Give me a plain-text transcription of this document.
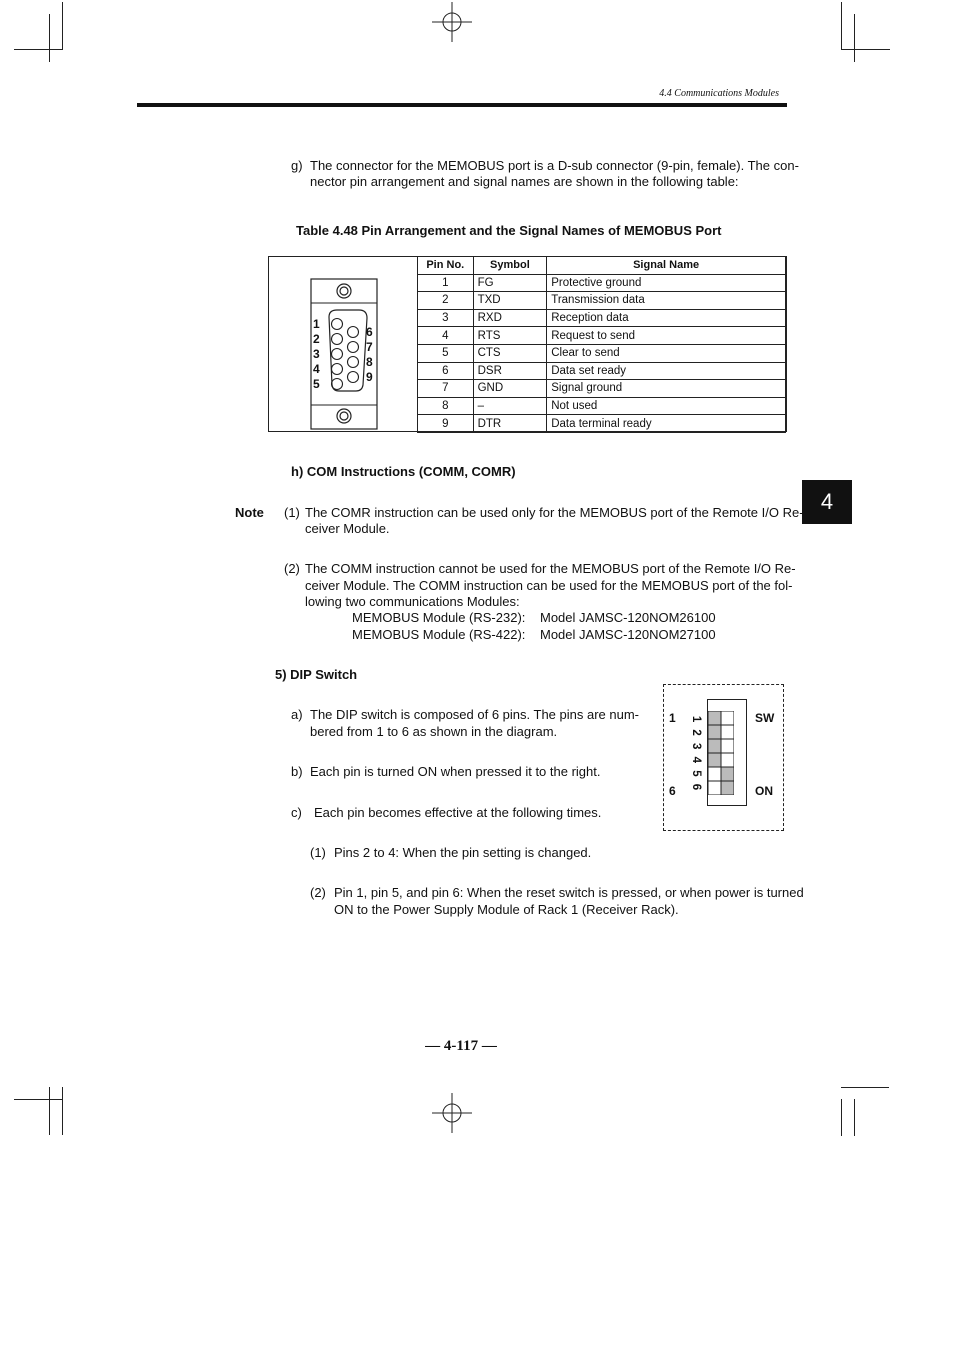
4.4 Communications Modules
g) The connector for the MEMOBUS port is a D-sub connector (9-pin, female). The con-
nector pin arrangement and signal names are shown in the following table:
Table 4.48 Pin Arrangement and the Signal Names of MEMOBUS Port
1
2
3
4
5
6
7
8
9
Pin No.	Symbol	Signal Name
1	FG	Protective ground
2	TXD	Transmission data
3	RXD	Reception data
4	RTS	Request to send
5	CTS	Clear to send
6	DSR	Data set ready
7	GND	Signal ground
8	–	Not used
9	DTR	Data terminal ready
h) COM Instructions (COMM, COMR)
4
Note (1) The COMR instruction can be used only for the MEMOBUS port of the Remote I/O Re-
ceiver Module.
(2) The COMM instruction cannot be used for the MEMOBUS port of the Remote I/O Re-
ceiver Module. The COMM instruction can be used for the MEMOBUS port of the fol-
lowing two communications Modules:
MEMOBUS Module (RS-232): Model JAMSC-120NOM26100
MEMOBUS Module (RS-422): Model JAMSC-120NOM27100
5) DIP Switch
a) The DIP switch is composed of 6 pins. The pins are num-
bered from 1 to 6 as shown in the diagram.
b) Each pin is turned ON when pressed it to the right.
c) Each pin becomes effective at the following times.
(1) Pins 2 to 4: When the pin setting is changed.
(2) Pin 1, pin 5, and pin 6: When the reset switch is pressed, or when power is turned
ON to the Power Supply Module of Rack 1 (Receiver Rack).
1
6
SW
ON
1 2 3 4 5 6
— 4-117 —
